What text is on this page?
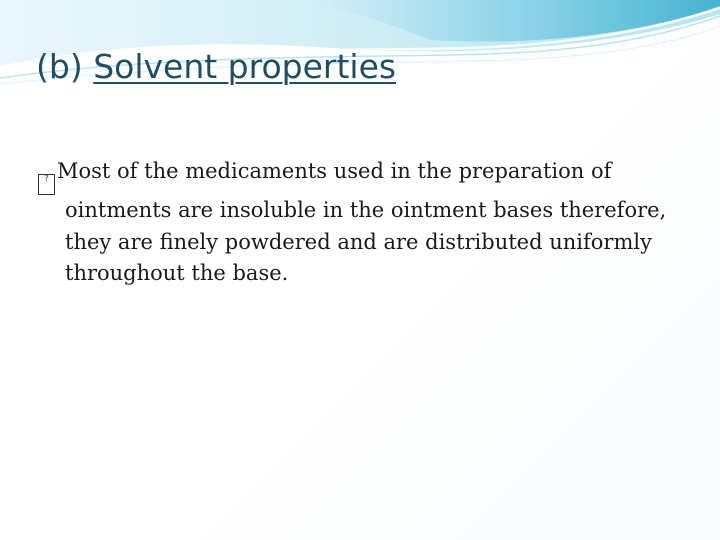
(b) Solvent properties

? Most of the medicaments used in the preparation of ointments are insoluble in the ointment bases therefore, they are finely powdered and are distributed uniformly throughout the base.
